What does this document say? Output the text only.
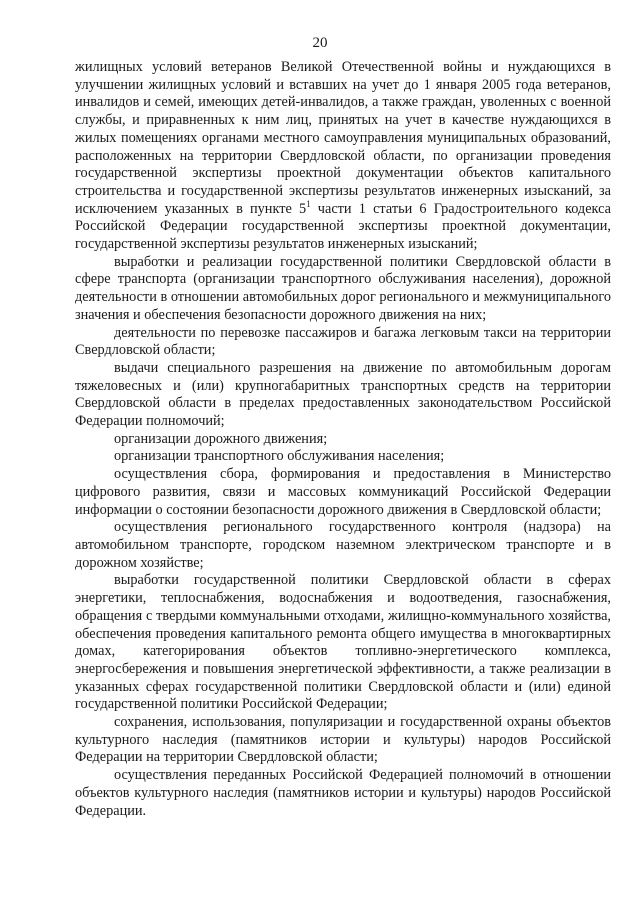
20

жилищных условий ветеранов Великой Отечественной войны и нуждающихся в улучшении жилищных условий и вставших на учет до 1 января 2005 года ветеранов, инвалидов и семей, имеющих детей-инвалидов, а также граждан, уволенных с военной службы, и приравненных к ним лиц, принятых на учет в качестве нуждающихся в жилых помещениях органами местного самоуправления муниципальных образований, расположенных на территории Свердловской области, по организации проведения государственной экспертизы проектной документации объектов капитального строительства и государственной экспертизы результатов инженерных изысканий, за исключением указанных в пункте $5^1$ части 1 статьи 6 Градостроительного кодекса Российской Федерации государственной экспертизы проектной документации, государственной экспертизы результатов инженерных изысканий;

выработки и реализации государственной политики Свердловской области в сфере транспорта (организации транспортного обслуживания населения), дорожной деятельности в отношении автомобильных дорог регионального и межмуниципального значения и обеспечения безопасности дорожного движения на них;

деятельности по перевозке пассажиров и багажа легковым такси на территории Свердловской области;

выдачи специального разрешения на движение по автомобильным дорогам тяжеловесных и (или) крупногабаритных транспортных средств на территории Свердловской области в пределах предоставленных законодательством Российской Федерации полномочий;

организации дорожного движения;

организации транспортного обслуживания населения;

осуществления сбора, формирования и предоставления в Министерство цифрового развития, связи и массовых коммуникаций Российской Федерации информации о состоянии безопасности дорожного движения в Свердловской области;

осуществления регионального государственного контроля (надзора) на автомобильном транспорте, городском наземном электрическом транспорте и в дорожном хозяйстве;

выработки государственной политики Свердловской области в сферах энергетики, теплоснабжения, водоснабжения и водоотведения, газоснабжения, обращения с твердыми коммунальными отходами, жилищно-коммунального хозяйства, обеспечения проведения капитального ремонта общего имущества в многоквартирных домах, категорирования объектов топливно-энергетического комплекса, энергосбережения и повышения энергетической эффективности, а также реализации в указанных сферах государственной политики Свердловской области и (или) единой государственной политики Российской Федерации;

сохранения, использования, популяризации и государственной охраны объектов культурного наследия (памятников истории и культуры) народов Российской Федерации на территории Свердловской области;

осуществления переданных Российской Федерацией полномочий в отношении объектов культурного наследия (памятников истории и культуры) народов Российской Федерации.
